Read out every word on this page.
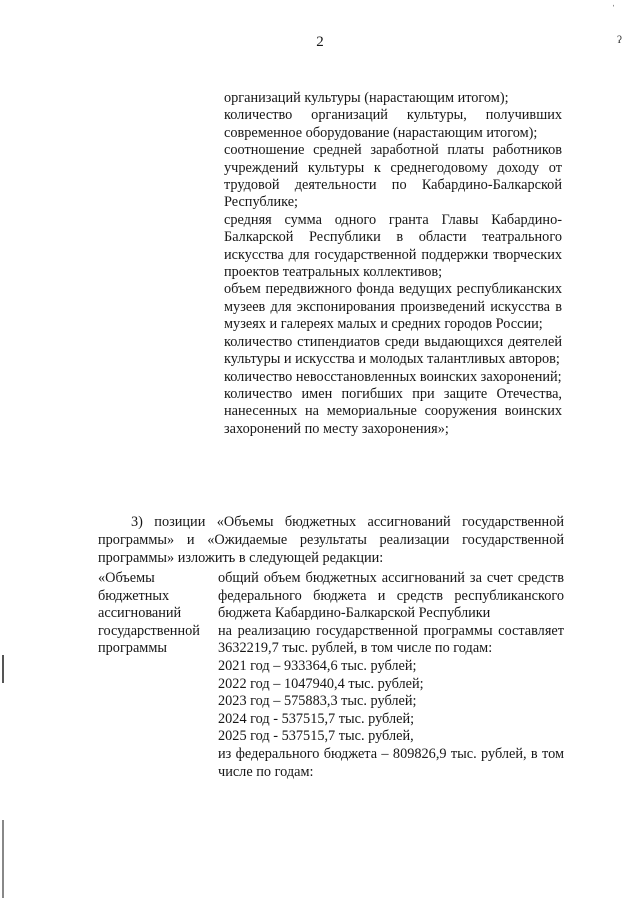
2
ˈ
ʔ

организаций культуры (нарастающим итогом);

количество организаций культуры, получивших современное оборудование (нарастающим итогом);

соотношение средней заработной платы работников учреждений культуры к среднегодовому доходу от трудовой деятельности по Кабардино-Балкарской Республике;

средняя сумма одного гранта Главы Кабардино-Балкарской Республики в области театрального искусства для государственной поддержки творческих проектов театральных коллективов;

объем передвижного фонда ведущих республиканских музеев для экспонирования произведений искусства в музеях и галереях малых и средних городов России;

количество стипендиатов среди выдающихся деятелей культуры и искусства и молодых талантливых авторов;

количество невосстановленных воинских захоронений;

количество имен погибших при защите Отечества, нанесенных на мемориальные сооружения воинских захоронений по месту захоронения»;

3) позиции «Объемы бюджетных ассигнований государственной программы» и «Ожидаемые результаты реализации государственной программы» изложить в следующей редакции:

«Объемы
бюджетных
ассигнований
государственной
программы

общий объем бюджетных ассигнований за счет средств федерального бюджета и средств республиканского бюджета Кабардино-Балкарской Республики

на реализацию государственной программы составляет 3632219,7 тыс. рублей, в том числе по годам:

2021 год – 933364,6 тыс. рублей;

2022 год – 1047940,4 тыс. рублей;

2023 год – 575883,3 тыс. рублей;

2024 год - 537515,7 тыс. рублей;

2025 год - 537515,7 тыс. рублей,

из федерального бюджета – 809826,9 тыс. рублей, в том числе по годам:
